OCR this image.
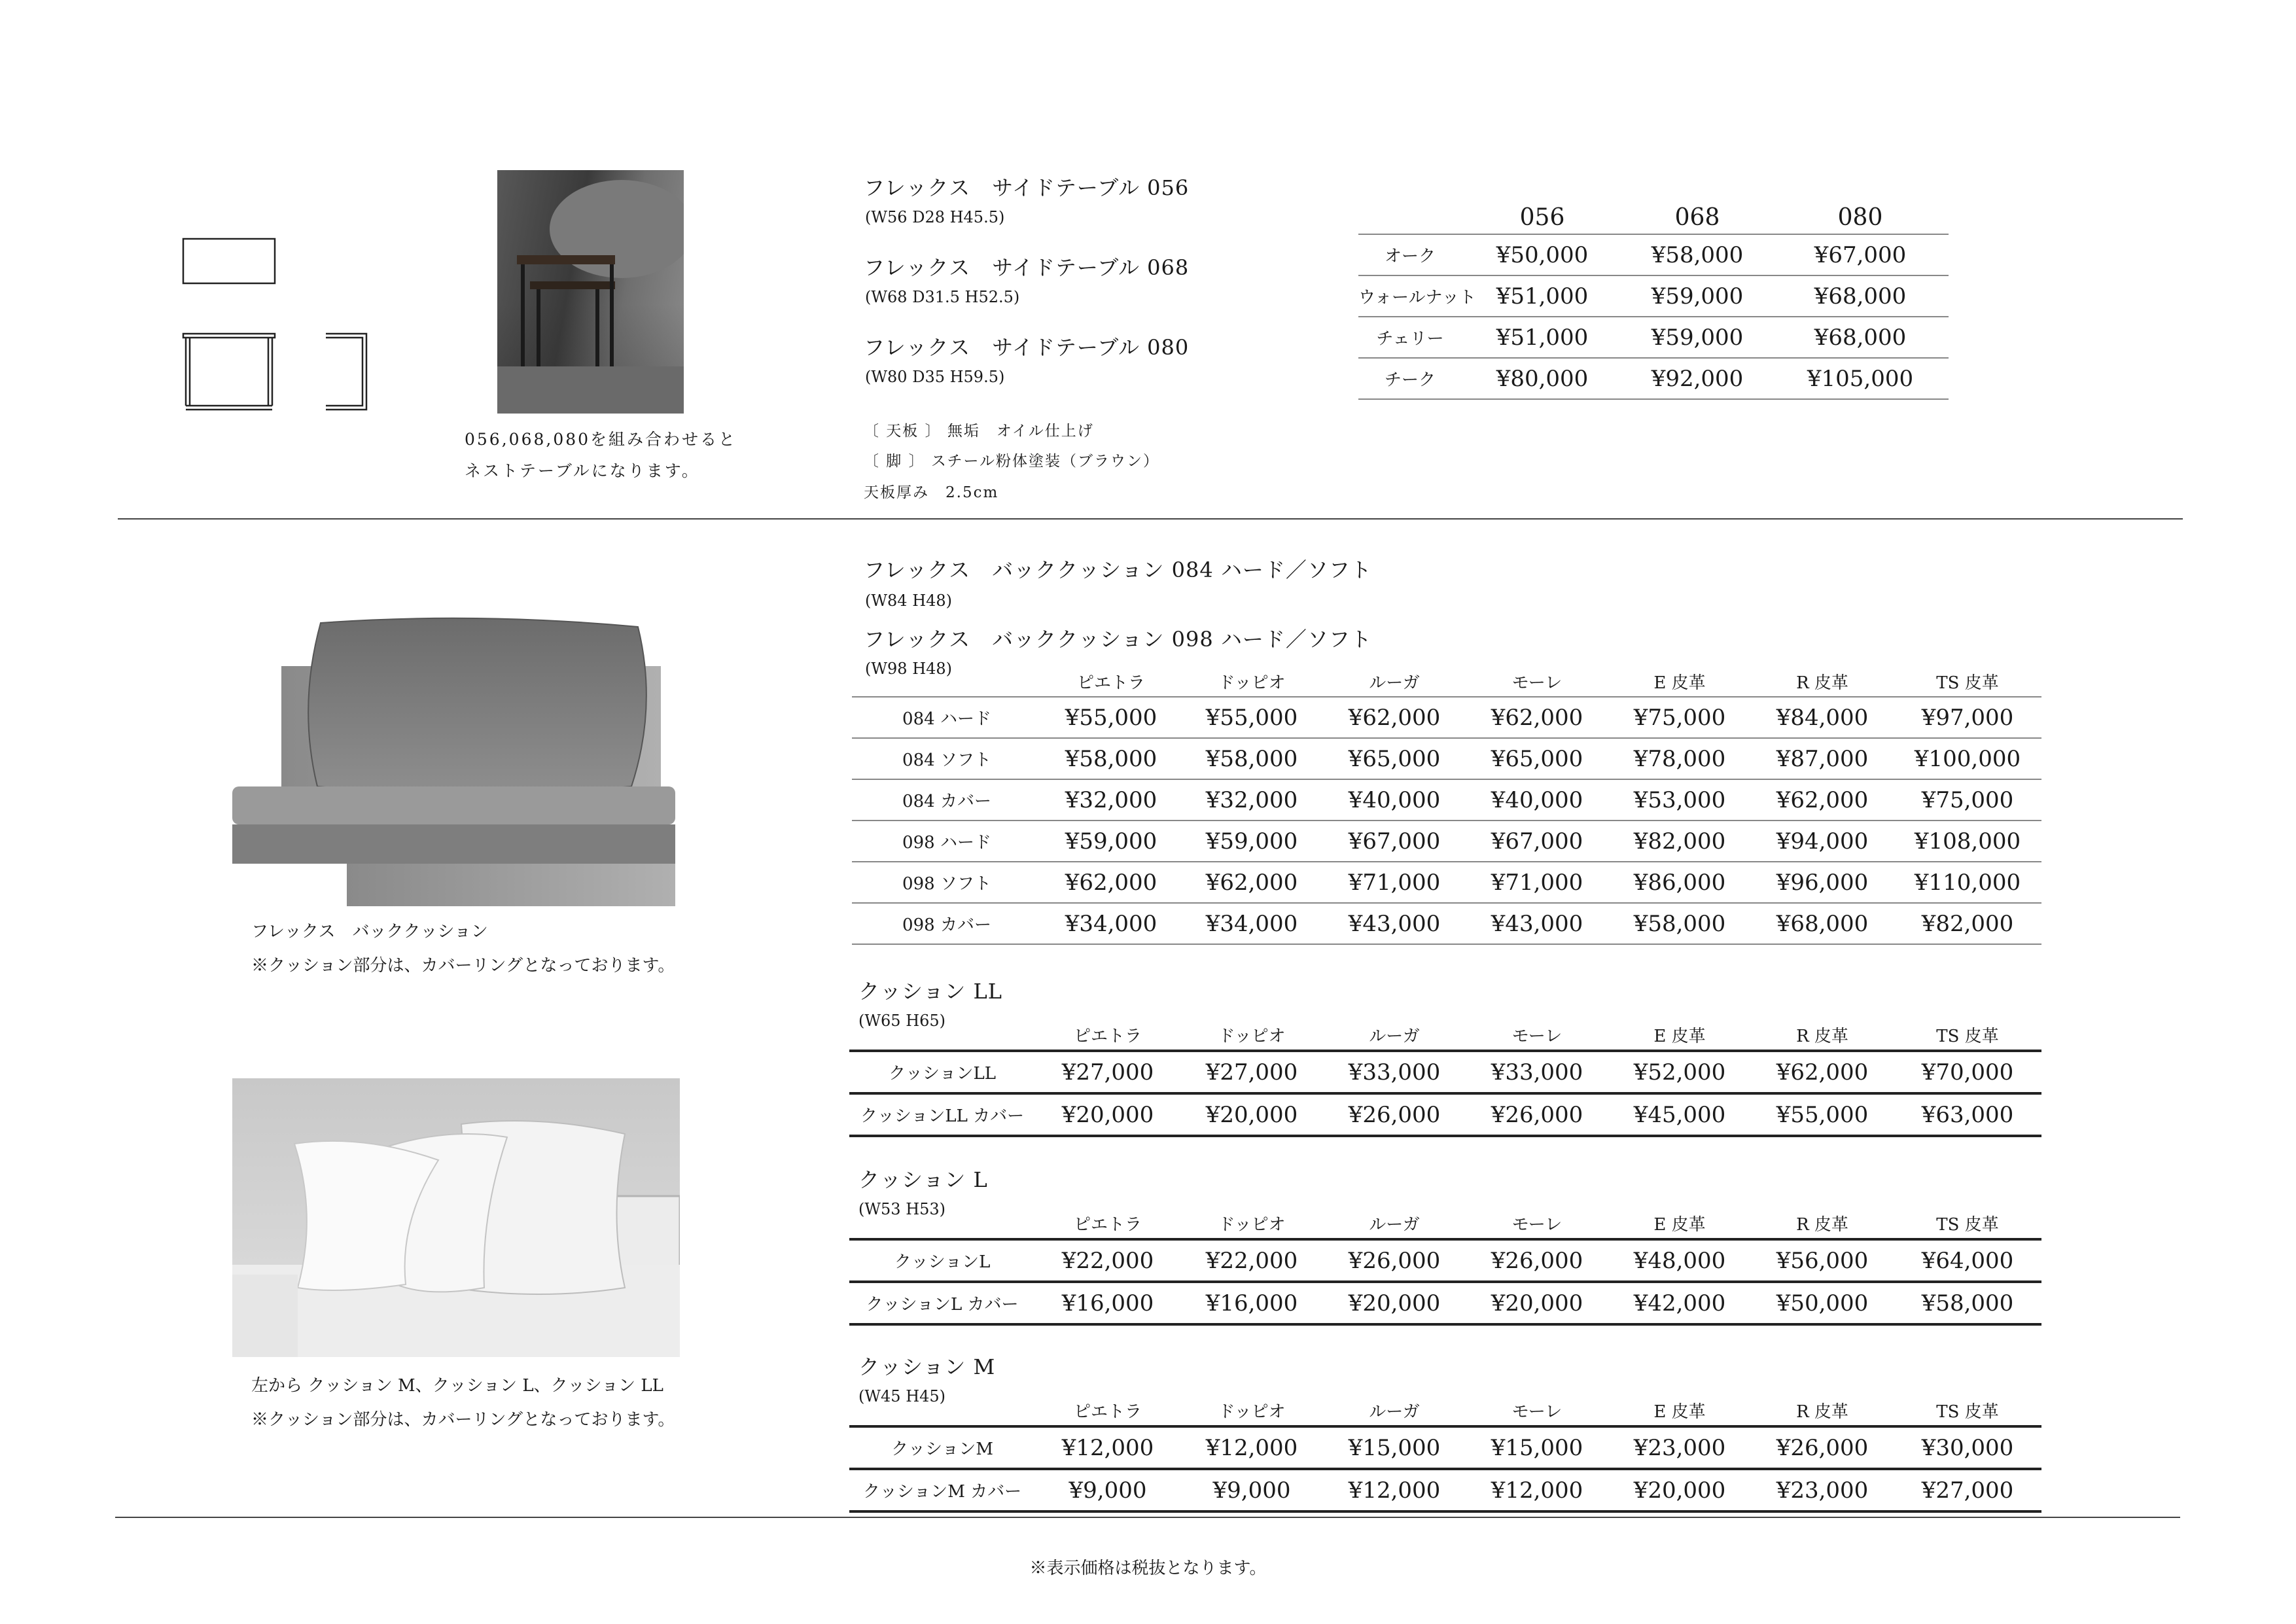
056,068,080を組み合わせると
ネストテーブルになります。
フレックス　サイドテーブル 056
(W56 D28 H45.5)
フレックス　サイドテーブル 068
(W68 D31.5 H52.5)
フレックス　サイドテーブル 080
(W80 D35 H59.5)
〔 天板 〕 無垢　オイル仕上げ
〔 脚 〕 スチール粉体塗装（ブラウン）
天板厚み　2.5cm
	056	068	080
オーク	¥50,000	¥58,000	¥67,000
ウォールナット	¥51,000	¥59,000	¥68,000
チェリー	¥51,000	¥59,000	¥68,000
チーク	¥80,000	¥92,000	¥105,000
フレックス　バッククッション
※クッション部分は、カバーリングとなっております。
フレックス　バッククッション 084 ハード／ソフト
(W84 H48)
フレックス　バッククッション 098 ハード／ソフト
(W98 H48)
	ピエトラ	ドッピオ	ルーガ	モーレ	E 皮革	R 皮革	TS 皮革
084 ハード	¥55,000	¥55,000	¥62,000	¥62,000	¥75,000	¥84,000	¥97,000
084 ソフト	¥58,000	¥58,000	¥65,000	¥65,000	¥78,000	¥87,000	¥100,000
084 カバー	¥32,000	¥32,000	¥40,000	¥40,000	¥53,000	¥62,000	¥75,000
098 ハード	¥59,000	¥59,000	¥67,000	¥67,000	¥82,000	¥94,000	¥108,000
098 ソフト	¥62,000	¥62,000	¥71,000	¥71,000	¥86,000	¥96,000	¥110,000
098 カバー	¥34,000	¥34,000	¥43,000	¥43,000	¥58,000	¥68,000	¥82,000
左から クッション M、クッション L、クッション LL
※クッション部分は、カバーリングとなっております。
クッション LL
(W65 H65)
	ピエトラ	ドッピオ	ルーガ	モーレ	E 皮革	R 皮革	TS 皮革
クッションLL	¥27,000	¥27,000	¥33,000	¥33,000	¥52,000	¥62,000	¥70,000
クッションLL カバー	¥20,000	¥20,000	¥26,000	¥26,000	¥45,000	¥55,000	¥63,000
クッション L
(W53 H53)
	ピエトラ	ドッピオ	ルーガ	モーレ	E 皮革	R 皮革	TS 皮革
クッションL	¥22,000	¥22,000	¥26,000	¥26,000	¥48,000	¥56,000	¥64,000
クッションL カバー	¥16,000	¥16,000	¥20,000	¥20,000	¥42,000	¥50,000	¥58,000
クッション M
(W45 H45)
	ピエトラ	ドッピオ	ルーガ	モーレ	E 皮革	R 皮革	TS 皮革
クッションM	¥12,000	¥12,000	¥15,000	¥15,000	¥23,000	¥26,000	¥30,000
クッションM カバー	¥9,000	¥9,000	¥12,000	¥12,000	¥20,000	¥23,000	¥27,000
※表示価格は税抜となります。
